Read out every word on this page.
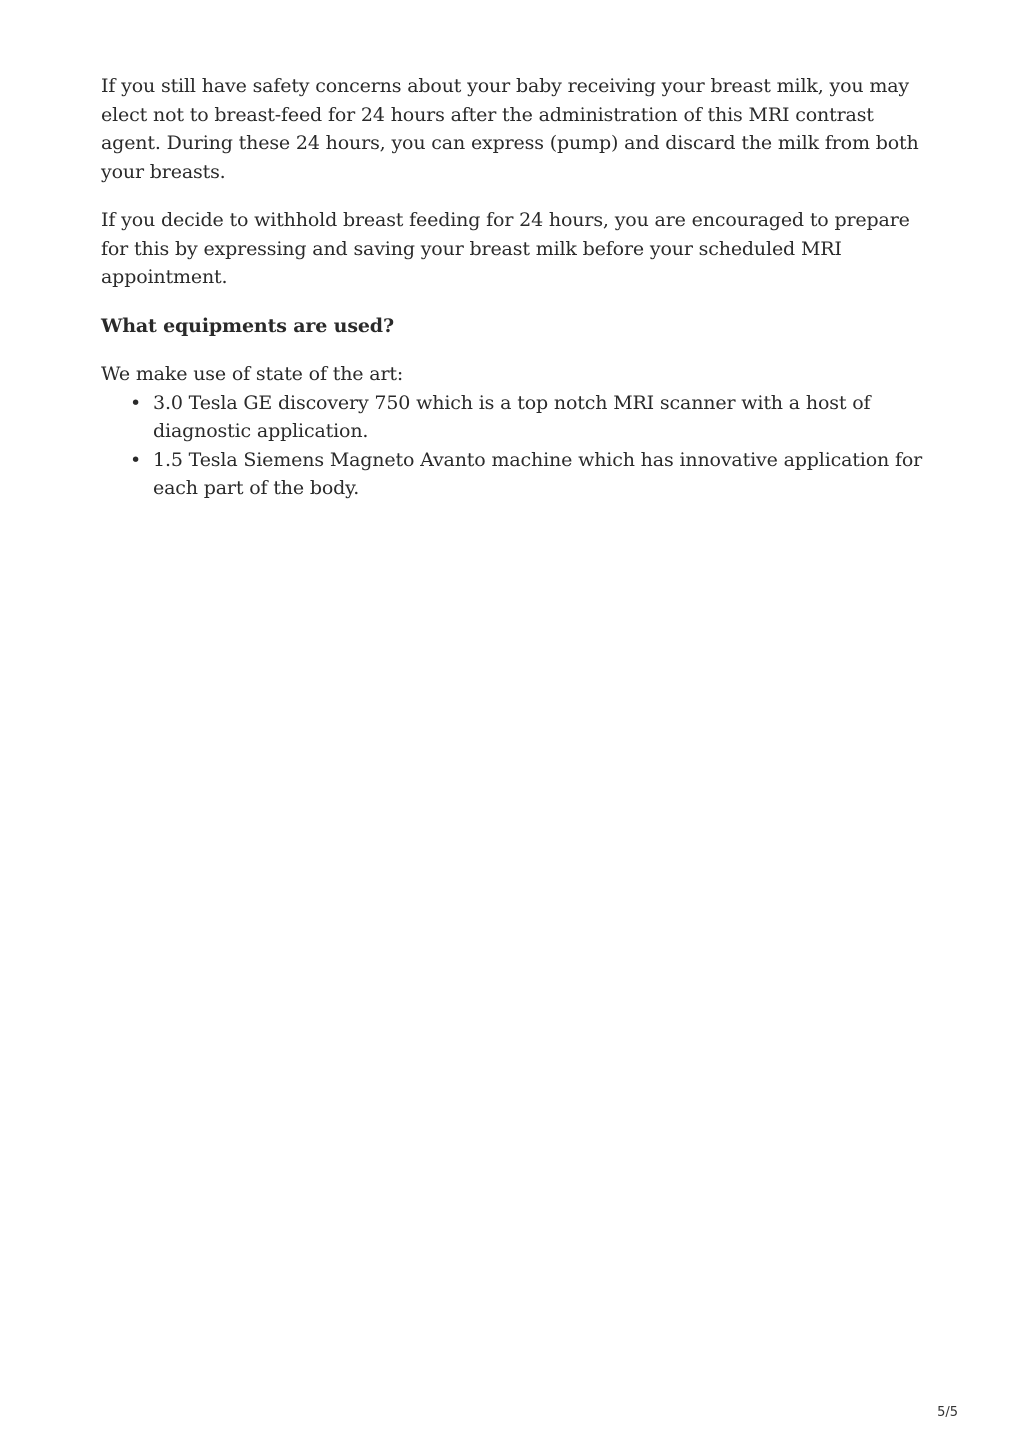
If you still have safety concerns about your baby receiving your breast milk, you may elect not to breast-feed for 24 hours after the administration of this MRI contrast agent. During these 24 hours, you can express (pump) and discard the milk from both your breasts.

If you decide to withhold breast feeding for 24 hours, you are encouraged to prepare for this by expressing and saving your breast milk before your scheduled MRI appointment.

What equipments are used?

We make use of state of the art:

• 3.0 Tesla GE discovery 750 which is a top notch MRI scanner with a host of diagnostic application.
• 1.5 Tesla Siemens Magneto Avanto machine which has innovative application for each part of the body.
5/5
